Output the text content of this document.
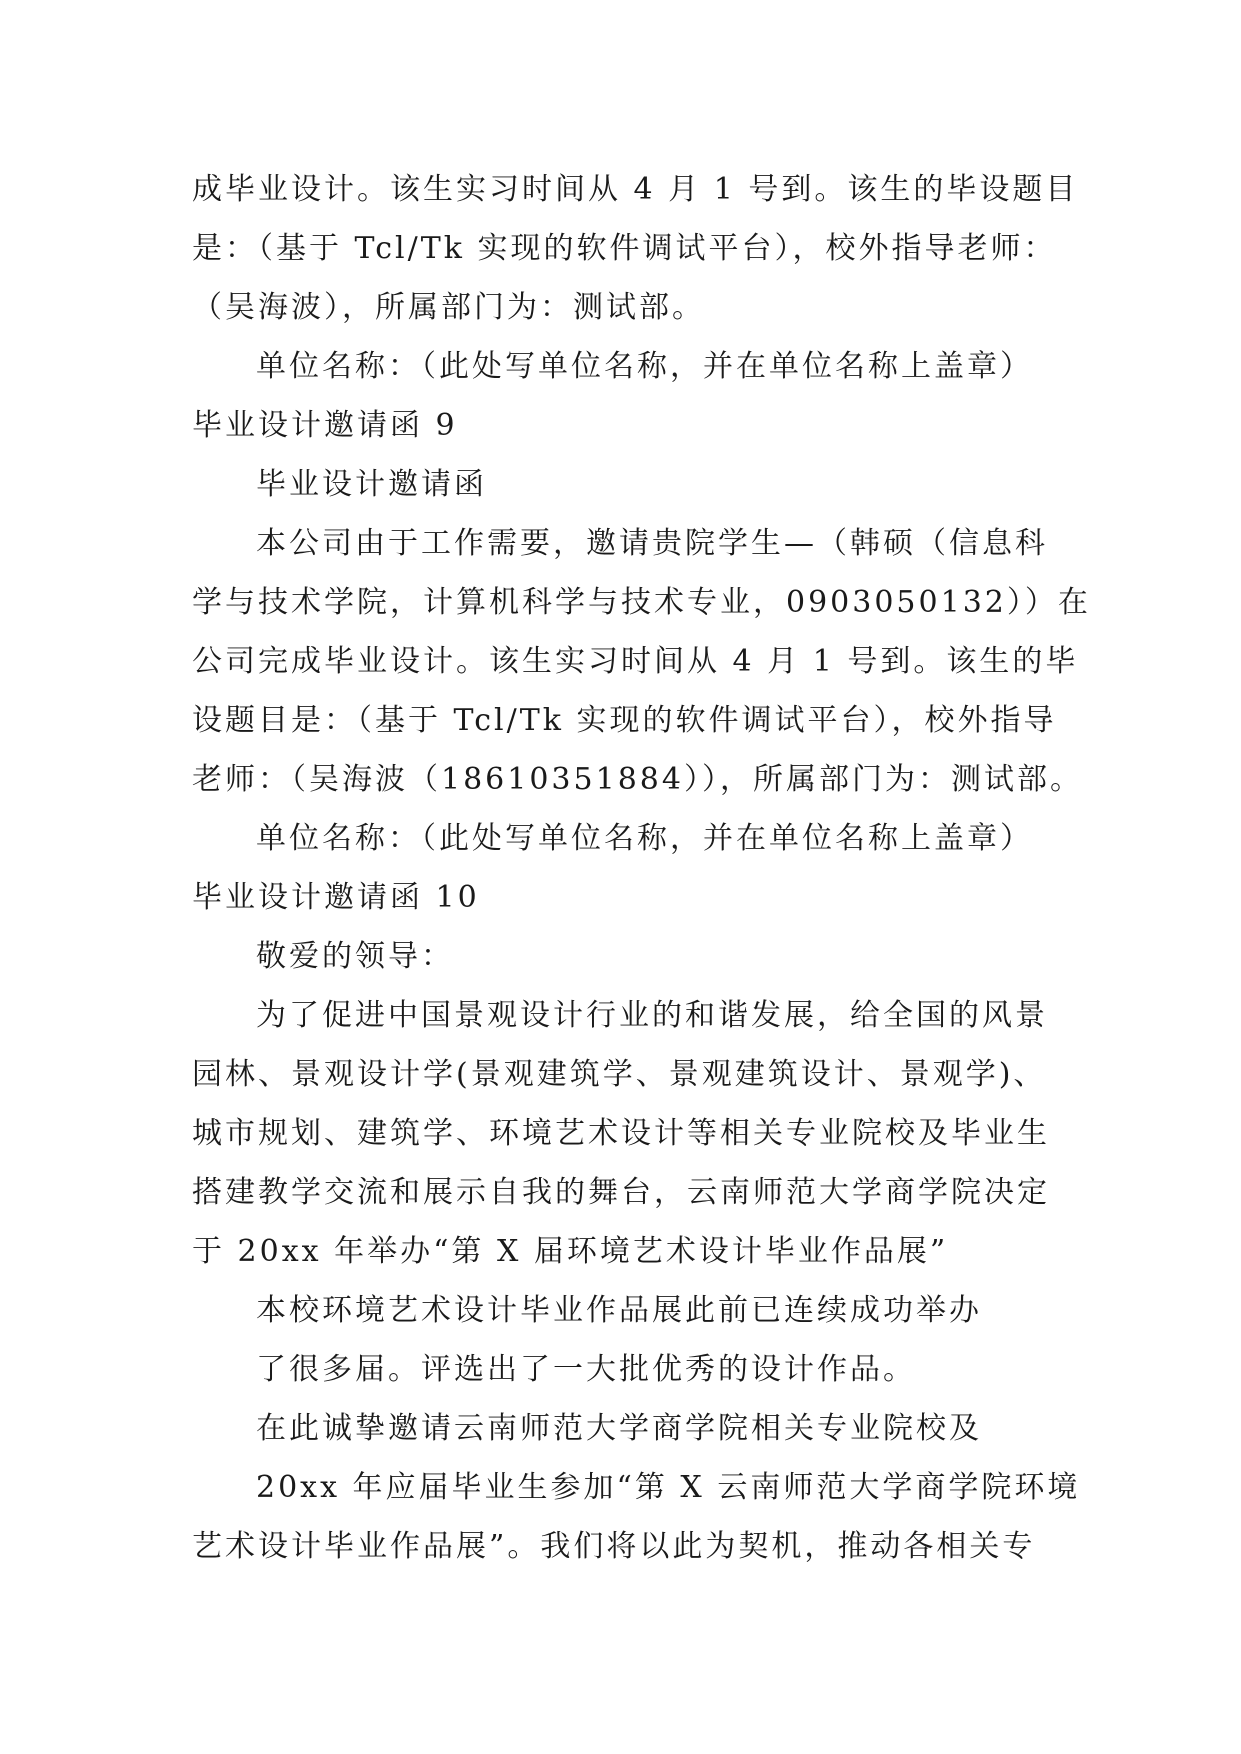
成毕业设计。该生实习时间从 4 月 1 号到。该生的毕设题目
是：（基于 Tcl/Tk 实现的软件调试平台），校外指导老师：
（吴海波），所属部门为：测试部。
单位名称：（此处写单位名称，并在单位名称上盖章）
毕业设计邀请函 9
毕业设计邀请函
本公司由于工作需要，邀请贵院学生—（韩硕（信息科
学与技术学院，计算机科学与技术专业，0903050132））在
公司完成毕业设计。该生实习时间从 4 月 1 号到。该生的毕
设题目是：（基于 Tcl/Tk 实现的软件调试平台），校外指导
老师：（吴海波（18610351884）），所属部门为：测试部。
单位名称：（此处写单位名称，并在单位名称上盖章）
毕业设计邀请函 10
敬爱的领导：
为了促进中国景观设计行业的和谐发展，给全国的风景
园林、景观设计学(景观建筑学、景观建筑设计、景观学)、
城市规划、建筑学、环境艺术设计等相关专业院校及毕业生
搭建教学交流和展示自我的舞台，云南师范大学商学院决定
于 20xx 年举办“第 X 届环境艺术设计毕业作品展”
本校环境艺术设计毕业作品展此前已连续成功举办
了很多届。评选出了一大批优秀的设计作品。
在此诚挚邀请云南师范大学商学院相关专业院校及
20xx 年应届毕业生参加“第 X 云南师范大学商学院环境
艺术设计毕业作品展”。我们将以此为契机，推动各相关专
